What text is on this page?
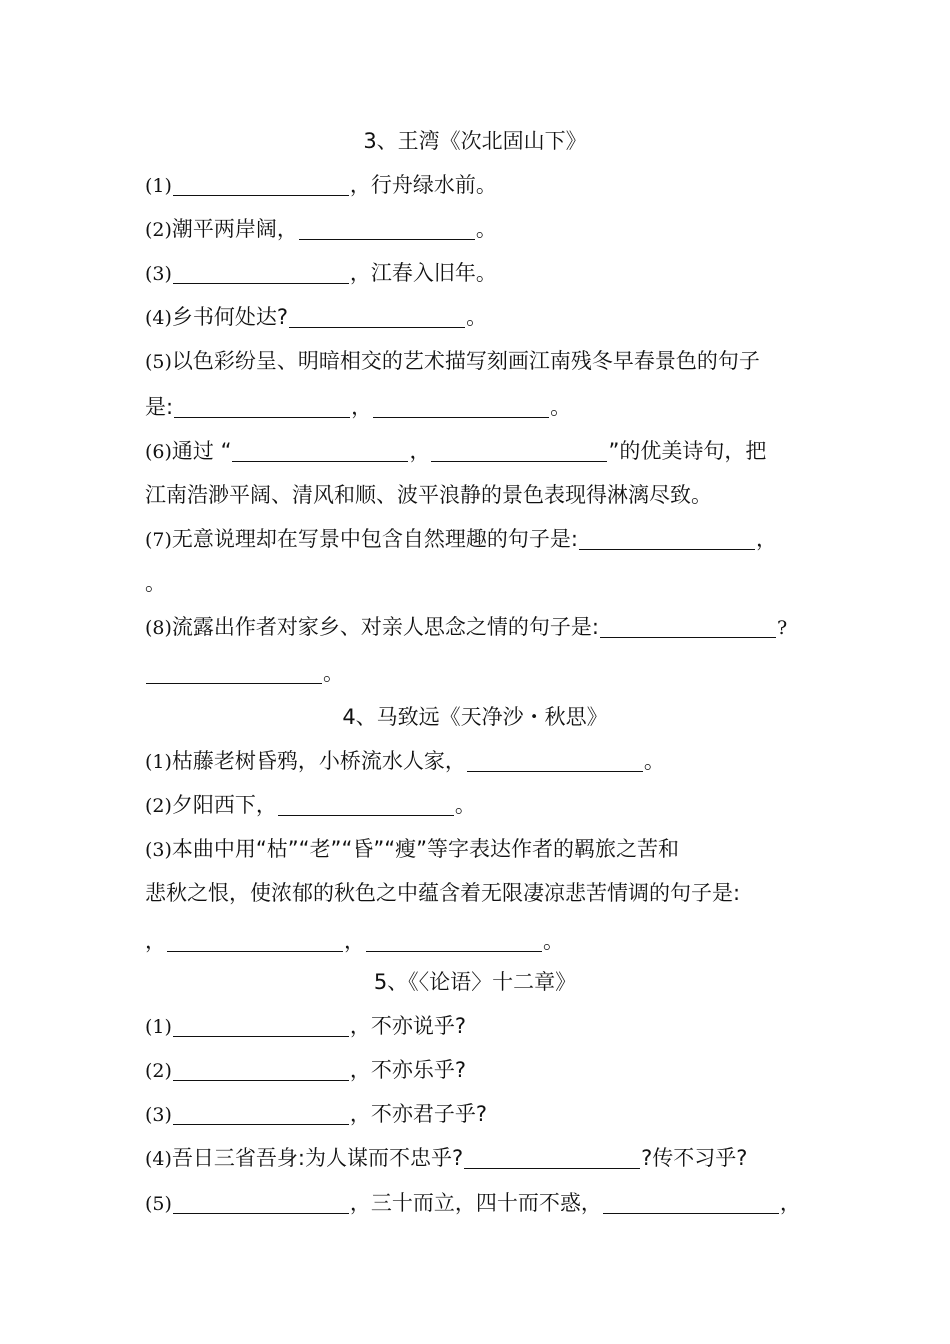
3、王湾《次北固山下》
(1)	，行舟绿水前。
(2)潮平两岸阔，	。
(3)	，江春入旧年。
(4)乡书何处达?	。
(5)以色彩纷呈、明暗相交的艺术描写刻画江南残冬早春景色的句子
是:	，	。
(6)通过 “	，	”的优美诗句，把
江南浩渺平阔、清风和顺、波平浪静的景色表现得淋漓尽致。
(7)无意说理却在写景中包含自然理趣的句子是:	，
。
(8)流露出作者对家乡、对亲人思念之情的句子是:	?
。
4、马致远《天净沙・秋思》
(1)枯藤老树昏鸦，小桥流水人家，	。
(2)夕阳西下，	。
(3)本曲中用“枯”“老”“昏”“瘦”等字表达作者的羁旅之苦和
悲秋之恨，使浓郁的秋色之中蕴含着无限凄凉悲苦情调的句子是:
，	，	。
5、《〈论语〉十二章》
(1)	，不亦说乎?
(2)	，不亦乐乎?
(3)	，不亦君子乎?
(4)吾日三省吾身:为人谋而不忠乎?	?传不习乎?
(5)	，三十而立，四十而不惑，	，
